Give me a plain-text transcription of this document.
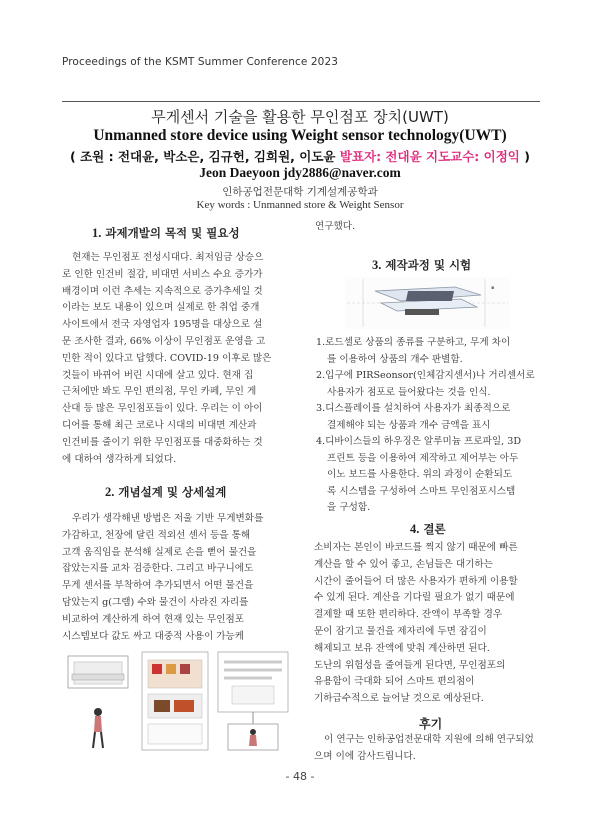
Proceedings of the KSMT Summer Conference 2023
무게센서 기술을 활용한 무인점포 장치(UWT)
Unmanned store device using Weight sensor technology(UWT)
( 조원 : 전대윤, 박소은, 김규헌, 김희원, 이도윤 발표자: 전대윤 지도교수: 이정익 )
Jeon Daeyoon jdy2886@naver.com
인하공업전문대학 기계설계공학과
Key words : Unmanned store & Weight Sensor
1. 과제개발의 목적 및 필요성
현재는 무인점포 전성시대다. 최저임금 상승으
로 인한 인건비 절감, 비대면 서비스 수요 증가가
배경이며 이런 추세는 지속적으로 증가추세일 것
이라는 보도 내용이 있으며 실제로 한 취업 중개
사이트에서 전국 자영업자 195명을 대상으로 설
문 조사한 결과, 66% 이상이 무인점포 운영을 고
민한 적이 있다고 답했다. COVID-19 이후로 많은
것들이 바뀌어 버린 시대에 살고 있다. 현재 집
근처에만 봐도 무인 편의점, 무인 카페, 무인 게
산대 등 많은 무인점포들이 있다. 우리는 이 아이
디어를 통해 최근 코로나 시대의 비대면 계산과
인건비를 줄이기 위한 무인점포를 대중화하는 것
에 대하여 생각하게 되었다.
2. 개념설계 및 상세설계
우리가 생각해낸 방법은 저울 기반 무게변화를
가감하고, 천장에 달린 적외선 센서 등을 통해
고객 움직임을 분석해 실제로 손을 뻗어 물건을
잡았는지를 교차 검증한다. 그리고 바구니에도
무게 센서를 부착하여 추가되면서 어떤 물건을
담았는지 g(그램) 수와 물건이 사라진 자리를
비교하여 계산하게 하여 현재 있는 무인점포
시스템보다 값도 싸고 대중적 사용이 가능케
연구했다.
3. 제작과정 및 시험
▪
1.로드셀로 상품의 종류를 구분하고, 무게 차이
를 이용하여 상품의 개수 판별함.
2.입구에 PIRSeonsor(인체감지센서)나 거리센서로
사용자가 점포로 들어왔다는 것을 인식.
3.디스플레이를 설치하여 사용자가 최종적으로
결제해야 되는 상품과 개수 금액을 표시
4.디바이스들의 하우징은 알루미늄 프로파일, 3D
프린트 등을 이용하여 제작하고 제어부는 아두
이노 보드를 사용한다. 위의 과정이 순환되도
록 시스템을 구성하여 스마트 무인점포시스템
을 구성함.
4. 결론
소비자는 본인이 바코드를 찍지 않기 때문에 빠른
계산을 할 수 있어 좋고, 손님들은 대기하는
시간이 줄어들어 더 많은 사용자가 편하게 이용할
수 있게 된다. 계산을 기다릴 필요가 없기 때문에
결제할 때 또한 편리하다. 잔액이 부족할 경우
문이 잠기고 물건을 제자리에 두면 잠김이
해제되고 보유 잔액에 맞춰 계산하면 된다.
도난의 위험성을 줄여들게 된다면, 무인점포의
유용함이 극대화 되어 스마트 편의점이
기하급수적으로 늘어날 것으로 예상된다.
후기
이 연구는 인하공업전문대학 지원에 의해 연구되었
으며 이에 감사드립니다.
- 48 -
